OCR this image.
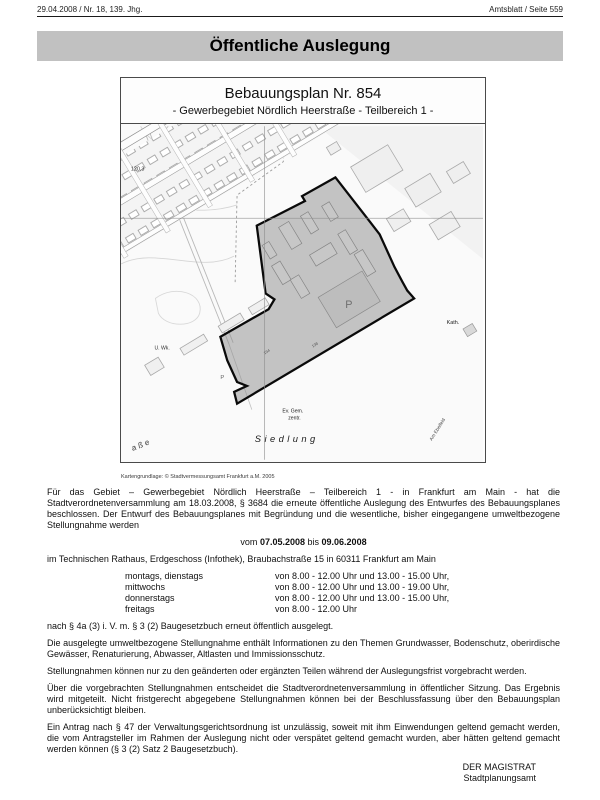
29.04.2008 / Nr. 18, 139. Jhg.	Amtsblatt / Seite 559
Öffentliche Auslegung
Bebauungsplan Nr. 854
- Gewerbegebiet Nördlich Heerstraße - Teilbereich 1 -
120,3
U. Wk.
P
P
Kath.
Ev. Gem.
zentr.
Siedlung	Am Ebelfeld
aße
194
138
Kartengrundlage: © Stadtvermessungsamt Frankfurt a.M. 2005

Für das Gebiet – Gewerbegebiet Nördlich Heerstraße – Teilbereich 1 - in Frankfurt am Main - hat die Stadtverordnetenversammlung am 18.03.2008, § 3684 die erneute öffentliche Auslegung des Entwurfes des Bebauungsplanes beschlossen. Der Entwurf des Bebauungsplanes mit Begründung und die wesentliche, bisher eingegangene umweltbezogene Stellungnahme werden

vom 07.05.2008 bis 09.06.2008

im Technischen Rathaus, Erdgeschoss (Infothek), Braubachstraße 15 in 60311 Frankfurt am Main

montags, dienstags	von 8.00 - 12.00 Uhr und 13.00 - 15.00 Uhr,
mittwochs	von 8.00 - 12.00 Uhr und 13.00 - 19.00 Uhr,
donnerstags	von 8.00 - 12.00 Uhr und 13.00 - 15.00 Uhr,
freitags	von 8.00 - 12.00 Uhr

nach § 4a (3) i. V. m. § 3 (2) Baugesetzbuch erneut öffentlich ausgelegt.

Die ausgelegte umweltbezogene Stellungnahme enthält Informationen zu den Themen Grundwasser, Bodenschutz, oberirdische Gewässer, Renaturierung, Abwasser, Altlasten und Immissionsschutz.

Stellungnahmen können nur zu den geänderten oder ergänzten Teilen während der Auslegungsfrist vorgebracht werden.

Über die vorgebrachten Stellungnahmen entscheidet die Stadtverordnetenversammlung in öffentlicher Sitzung. Das Ergebnis wird mitgeteilt. Nicht fristgerecht abgegebene Stellungnahmen können bei der Beschlussfassung über den Bebauungsplan unberücksichtigt bleiben.

Ein Antrag nach § 47 der Verwaltungsgerichtsordnung ist unzulässig, soweit mit ihm Einwendungen geltend gemacht werden, die vom Antragsteller im Rahmen der Auslegung nicht oder verspätet geltend gemacht wurden, aber hätten geltend gemacht werden können (§ 3 (2) Satz 2 Baugesetzbuch).

DER MAGISTRAT
Stadtplanungsamt
